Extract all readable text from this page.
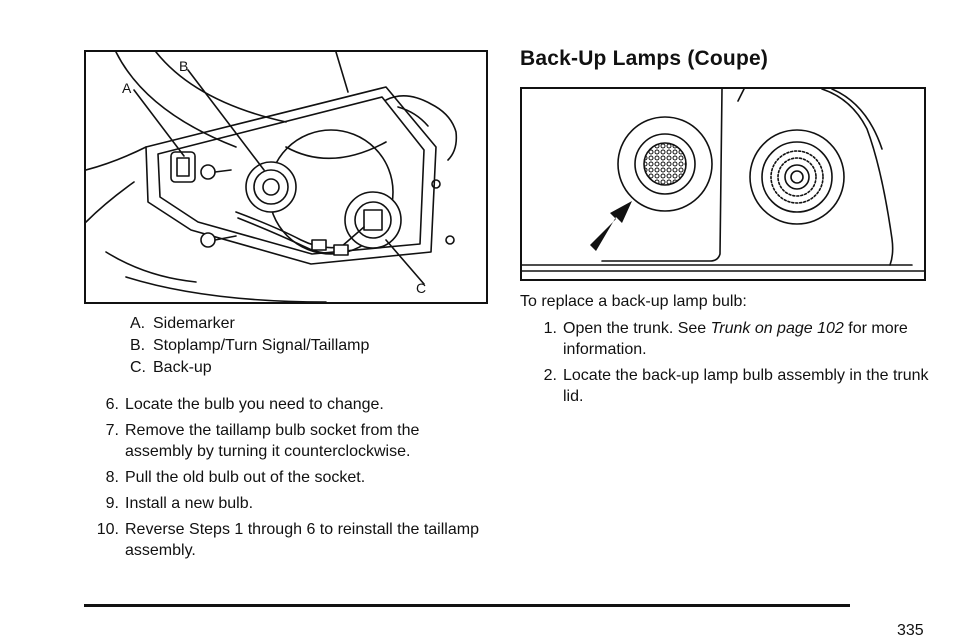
A
B
C
A. Sidemarker
B. Stoplamp/Turn Signal/Taillamp
C. Back-up
6. Locate the bulb you need to change.
7. Remove the taillamp bulb socket from the assembly by turning it counterclockwise.
8. Pull the old bulb out of the socket.
9. Install a new bulb.
10. Reverse Steps 1 through 6 to reinstall the taillamp assembly.
Back-Up Lamps (Coupe)
To replace a back-up lamp bulb:
1. Open the trunk. See Trunk on page 102 for more information.
2. Locate the back-up lamp bulb assembly in the trunk lid.
335
